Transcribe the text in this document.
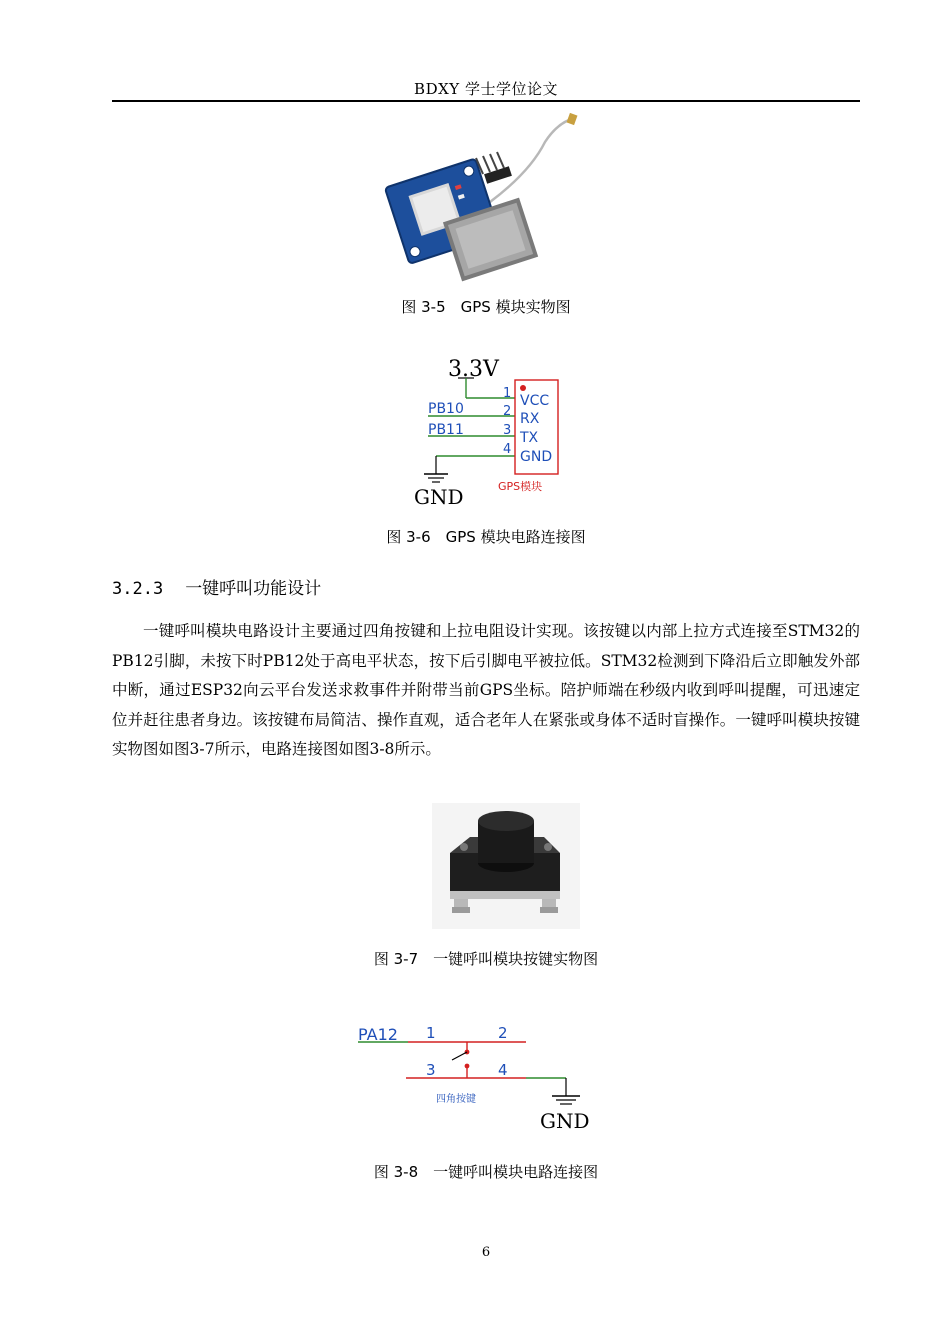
BDXY 学士学位论文
图 3-5　GPS 模块实物图
3.3V
PB10
PB11
GND
1
2
3
4
VCC
RX
TX
GND
GPS模块
图 3-6　GPS 模块电路连接图
3.2.3 一键呼叫功能设计
一键呼叫模块电路设计主要通过四角按键和上拉电阻设计实现。该按键以内部上拉方式连接至STM32的PB12引脚，未按下时PB12处于高电平状态，按下后引脚电平被拉低。STM32检测到下降沿后立即触发外部中断，通过ESP32向云平台发送求救事件并附带当前GPS坐标。陪护师端在秒级内收到呼叫提醒，可迅速定位并赶往患者身边。该按键布局简洁、操作直观，适合老年人在紧张或身体不适时盲操作。一键呼叫模块按键实物图如图3-7所示，电路连接图如图3-8所示。
图 3-7　一键呼叫模块按键实物图
PA12 1	2
3	4
四角按键
GND
图 3-8　一键呼叫模块电路连接图
6
